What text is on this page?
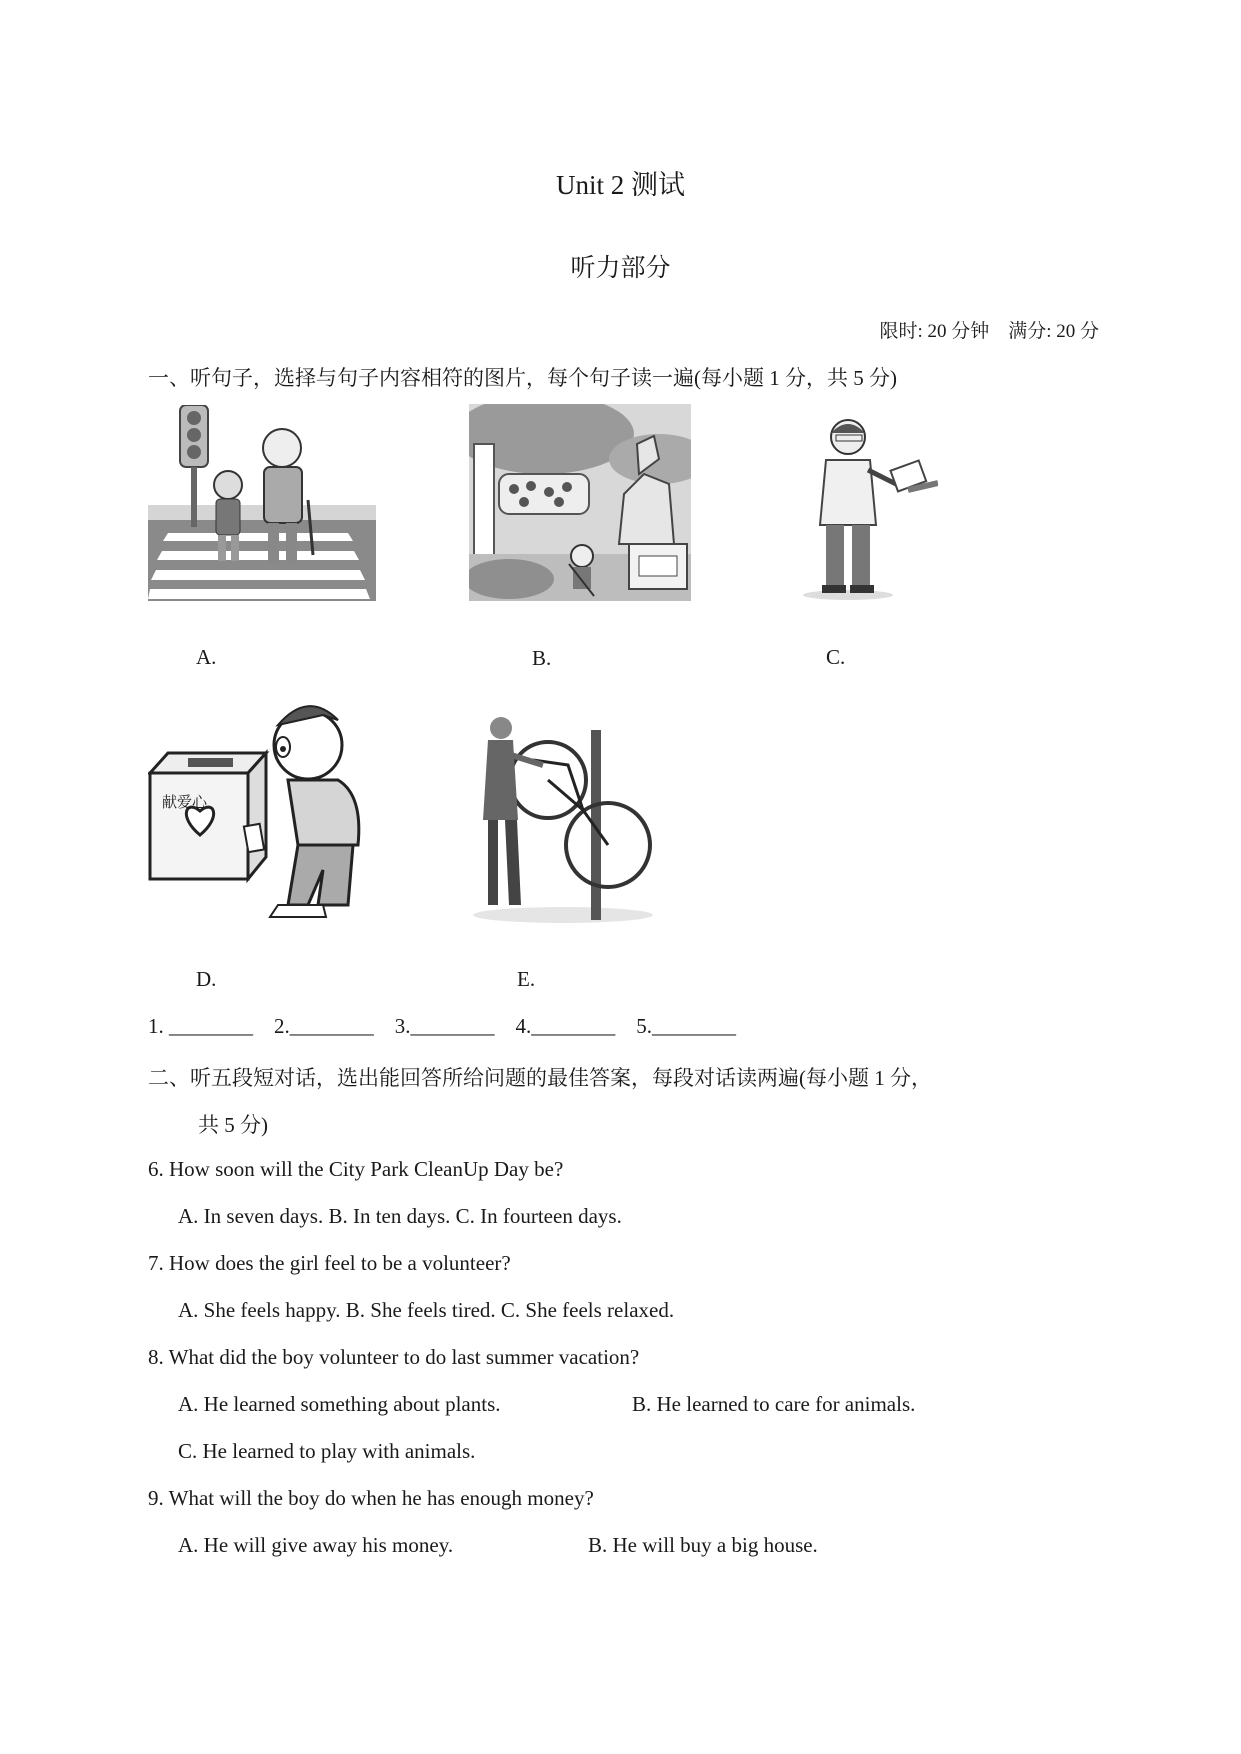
Unit 2 测试
听力部分
限时: 20 分钟    满分: 20 分
一、听句子，选择与句子内容相符的图片，每个句子读一遍(每小题 1 分，共 5 分)
A.	B.	C.
献爱心
D.	E.
1. ________    2.________    3.________    4.________    5.________
二、听五段短对话，选出能回答所给问题的最佳答案，每段对话读两遍(每小题 1 分，
共 5 分)
6. How soon will the City Park CleanUp Day be?
A. In seven days. B. In ten days. C. In fourteen days.
7. How does the girl feel to be a volunteer?
A. She feels happy. B. She feels tired. C. She feels relaxed.
8. What did the boy volunteer to do last summer vacation?
A. He learned something about plants.	B. He learned to care for animals.
C. He learned to play with animals.
9. What will the boy do when he has enough money?
A. He will give away his money.	B. He will buy a big house.
